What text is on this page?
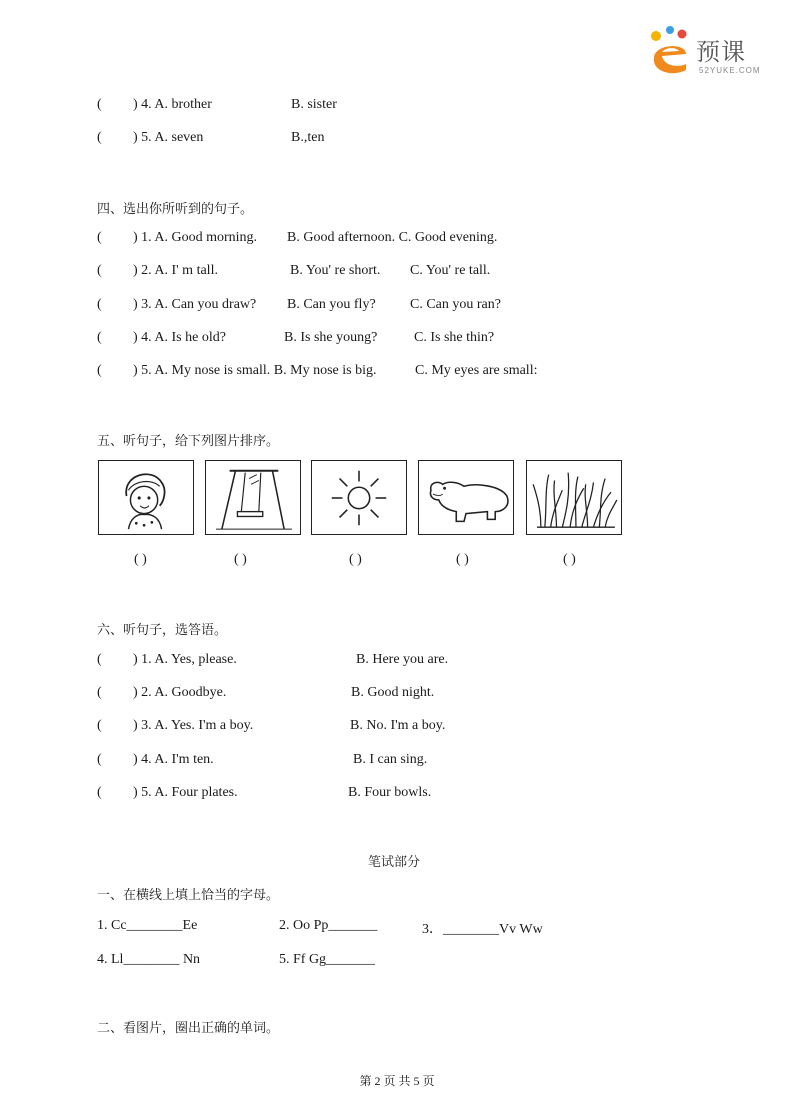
预课
52YUKE.COM
( ) 4. A. brother	B. sister
( ) 5. A. seven	B.,ten
四、选出你所听到的句子。
( ) 1. A. Good morning. B. Good afternoon. C. Good evening.
( ) 2. A. I' m tall.	B. You' re short. C. You' re tall.
( ) 3. A. Can you draw? B. Can you fly? C. Can you ran?
( ) 4. A. Is he old?	B. Is she young?	C. Is she thin?
( ) 5. A. My nose is small. B. My nose is big.	C. My eyes are small:
五、听句子，给下列图片排序。
( )	( )	( )	( )	( )
六、听句子，选答语。
( ) 1. A. Yes, please.	B. Here you are.
( ) 2. A. Goodbye.	B. Good night.
( ) 3. A. Yes. I'm a boy.	B. No. I'm a boy.
( ) 4. A. I'm ten.	B. I can sing.
( ) 5. A. Four plates.	B. Four bowls.
笔试部分
一、在横线上填上恰当的字母。
1. Cc________Ee	2. Oo Pp_______	3．________Vv Ww
4. Ll________ Nn	5. Ff Gg_______
二、看图片，圈出正确的单词。
第 2 页 共 5 页
